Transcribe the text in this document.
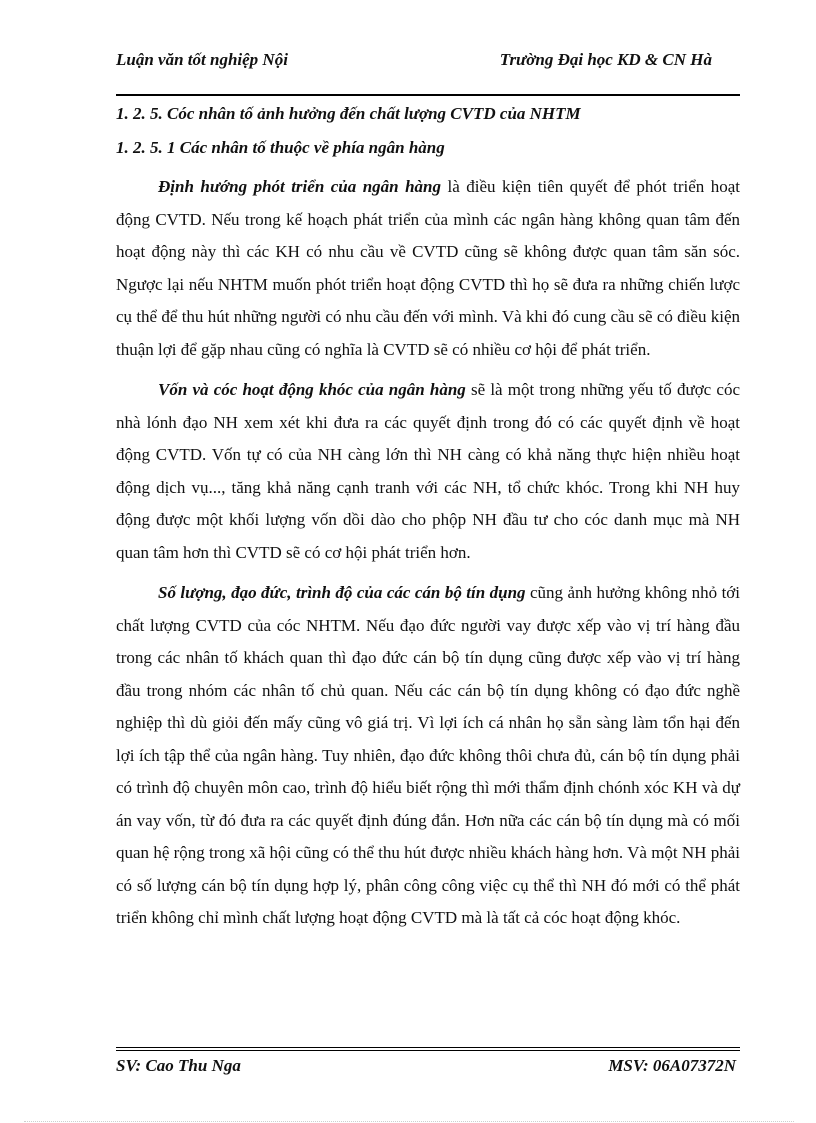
Luận văn tốt nghiệp Nội	Trường Đại học KD & CN Hà
1. 2. 5. Cóc nhân tố ảnh hưởng đến chất lượng CVTD của NHTM
1. 2. 5. 1 Các nhân tố thuộc về phía ngân hàng

Định hướng phót triển của ngân hàng là điều kiện tiên quyết để phót triển hoạt động CVTD. Nếu trong kế hoạch phát triển của mình các ngân hàng không quan tâm đến hoạt động này thì các KH có nhu cầu về CVTD cũng sẽ không được quan tâm săn sóc. Ngược lại nếu NHTM muốn phót triển hoạt động CVTD thì họ sẽ đưa ra những chiến lược cụ thể để thu hút những người có nhu cầu đến với mình. Và khi đó cung cầu sẽ có điều kiện thuận lợi để gặp nhau cũng có nghĩa là CVTD sẽ có nhiều cơ hội để phát triển.

Vốn và cóc hoạt động khóc của ngân hàng sẽ là một trong những yếu tố được cóc nhà lónh đạo NH xem xét khi đưa ra các quyết định trong đó có các quyết định về hoạt động CVTD. Vốn tự có của NH càng lớn thì NH càng có khả năng thực hiện nhiều hoạt động dịch vụ..., tăng khả năng cạnh tranh với các NH, tổ chức khóc. Trong khi NH huy động được một khối lượng vốn dồi dào cho phộp NH đầu tư cho cóc danh mục mà NH quan tâm hơn thì CVTD sẽ có cơ hội phát triển hơn.

Số lượng, đạo đức, trình độ của các cán bộ tín dụng cũng ảnh hưởng không nhỏ tới chất lượng CVTD của cóc NHTM. Nếu đạo đức người vay được xếp vào vị trí hàng đầu trong các nhân tố khách quan thì đạo đức cán bộ tín dụng cũng được xếp vào vị trí hàng đầu trong nhóm các nhân tố chủ quan. Nếu các cán bộ tín dụng không có đạo đức nghề nghiệp thì dù giỏi đến mấy cũng vô giá trị. Vì lợi ích cá nhân họ sẵn sàng làm tổn hại đến lợi ích tập thể của ngân hàng. Tuy nhiên, đạo đức không thôi chưa đủ, cán bộ tín dụng phải có trình độ chuyên môn cao, trình độ hiểu biết rộng thì mới thẩm định chónh xóc KH và dự án vay vốn, từ đó đưa ra các quyết định đúng đắn. Hơn nữa các cán bộ tín dụng mà có mối quan hệ rộng trong xã hội cũng có thể thu hút được nhiều khách hàng hơn. Và một NH phải có số lượng cán bộ tín dụng hợp lý, phân công công việc cụ thể thì NH đó mới có thể phát triển không chỉ mình chất lượng hoạt động CVTD mà là tất cả cóc hoạt động khóc.

SV: Cao Thu Nga	MSV: 06A07372N
